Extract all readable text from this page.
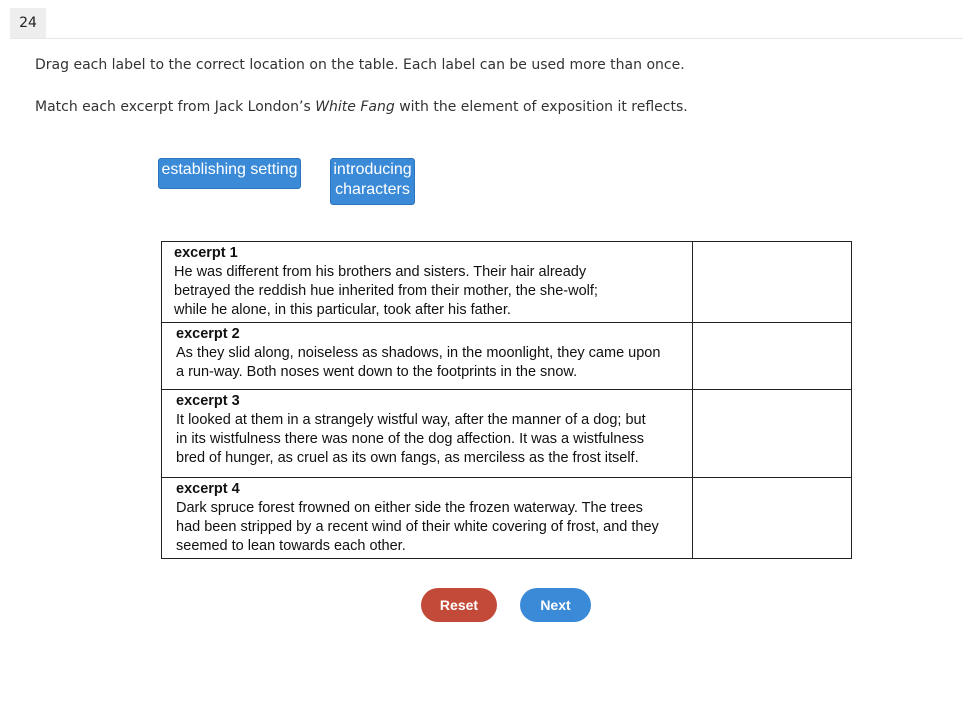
24
Drag each label to the correct location on the table. Each label can be used more than once.
Match each excerpt from Jack London’s White Fang with the element of exposition it reflects.
establishing setting introducing
characters
excerpt 1
He was different from his brothers and sisters. Their hair already
betrayed the reddish hue inherited from their mother, the she-wolf;
while he alone, in this particular, took after his father.	

excerpt 2
As they slid along, noiseless as shadows, in the moonlight, they came upon
a run-way. Both noses went down to the footprints in the snow.	

excerpt 3
It looked at them in a strangely wistful way, after the manner of a dog; but
in its wistfulness there was none of the dog affection. It was a wistfulness
bred of hunger, as cruel as its own fangs, as merciless as the frost itself.	

excerpt 4
Dark spruce forest frowned on either side the frozen waterway. The trees
had been stripped by a recent wind of their white covering of frost, and they
seemed to lean towards each other.	

Reset	Next
